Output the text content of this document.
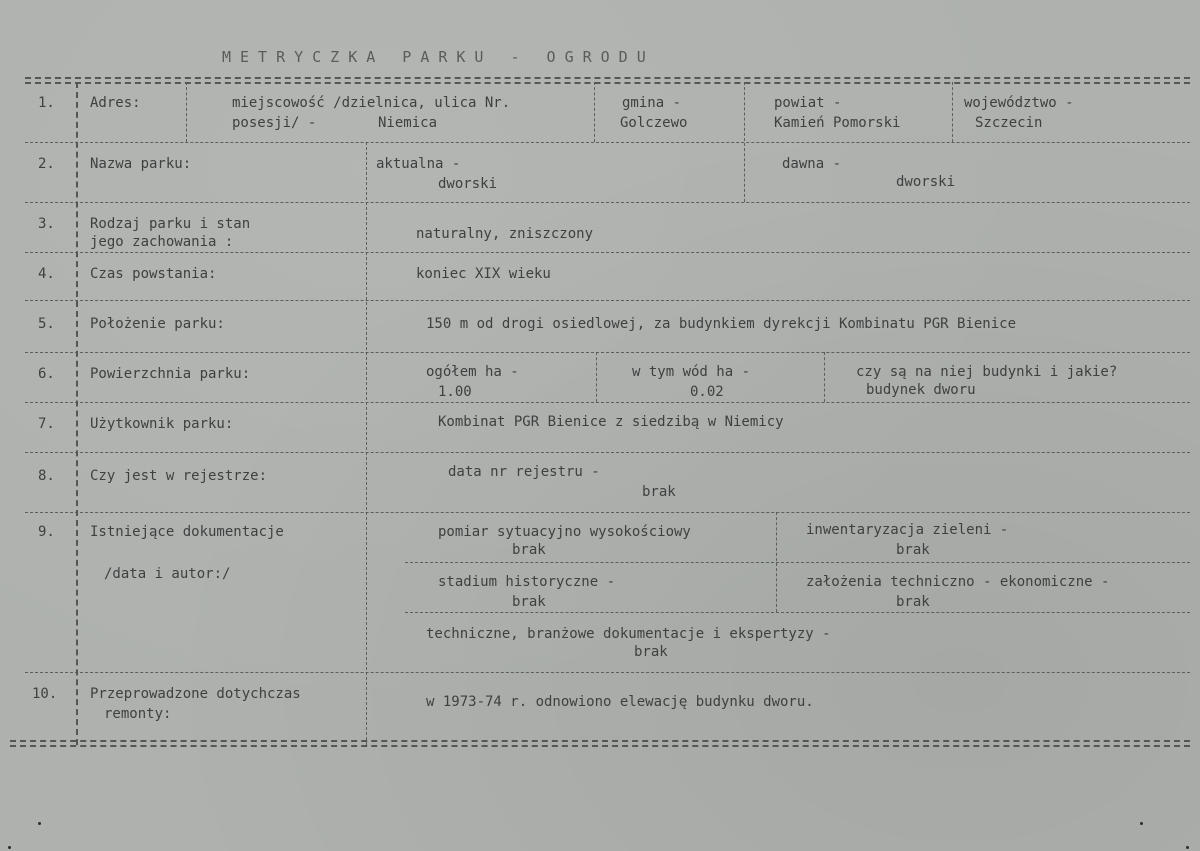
METRYCZKA PARKU - OGRODU
1.	Adres:	miejscowość /dzielnica, ulica Nr.
posesji/ -	Niemica
gmina -
Golczewo
powiat -
Kamień Pomorski
województwo -
Szczecin
2.	Nazwa parku:	aktualna -
dworski
dawna -
dworski
3.	Rodzaj parku i stan
jego zachowania :	naturalny, zniszczony
4.	Czas powstania:	koniec XIX wieku
5.	Położenie parku:	150 m od drogi osiedlowej, za budynkiem dyrekcji Kombinatu PGR Bienice
6.	Powierzchnia parku:	ogółem ha -
1.00
w tym wód ha -
0.02
czy są na niej budynki i jakie?
budynek dworu
7.	Użytkownik parku:	Kombinat PGR Bienice z siedzibą w Niemicy
8.	Czy jest w rejestrze:	data nr rejestru -
brak
9.	Istniejące dokumentacje
/data i autor:/
pomiar sytuacyjno wysokościowy
brak
inwentaryzacja zieleni -
brak
stadium historyczne -
brak
założenia techniczno - ekonomiczne -
brak
techniczne, branżowe dokumentacje i ekspertyzy -
brak
10. Przeprowadzone dotychczas
remonty:
w 1973-74 r. odnowiono elewację budynku dworu.
